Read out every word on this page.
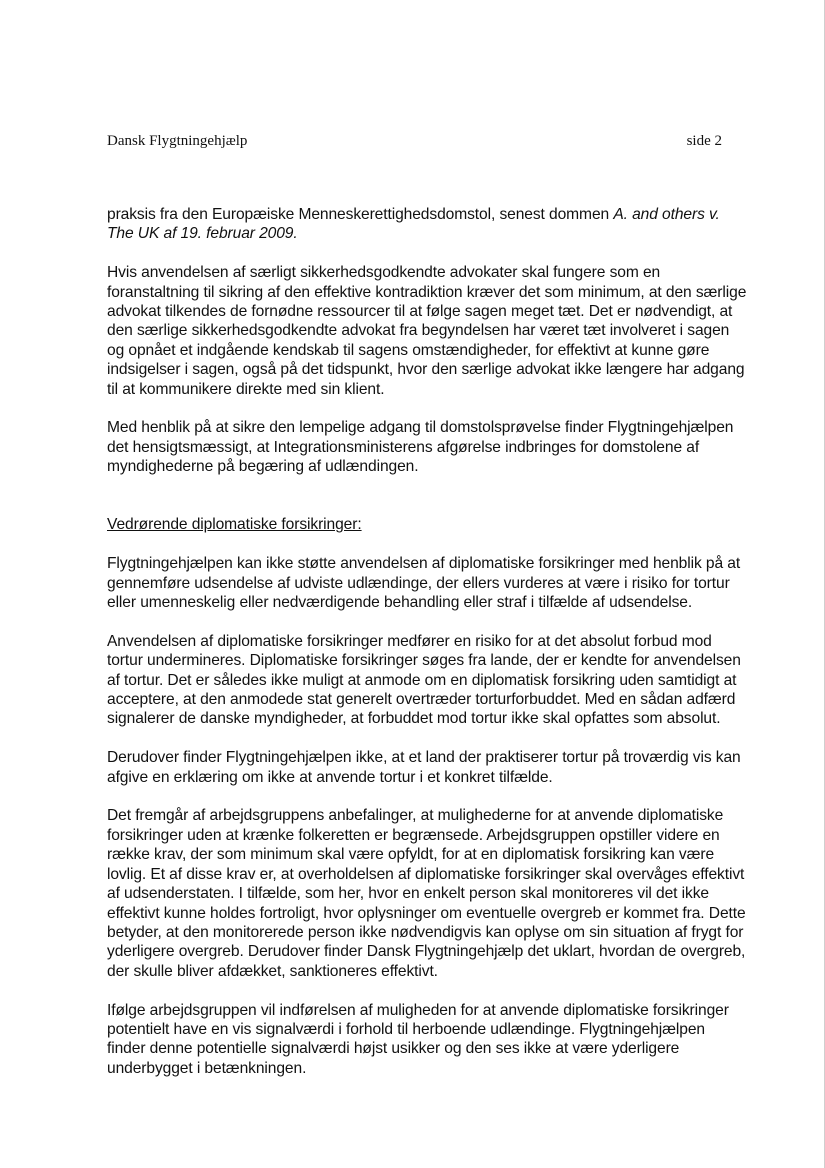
Dansk Flygtningehjælp	side 2

praksis fra den Europæiske Menneskerettighedsdomstol, senest dommen A. and others v. The UK af 19. februar 2009.

Hvis anvendelsen af særligt sikkerhedsgodkendte advokater skal fungere som en foranstaltning til sikring af den effektive kontradiktion kræver det som minimum, at den særlige advokat tilkendes de fornødne ressourcer til at følge sagen meget tæt. Det er nødvendigt, at den særlige sikkerhedsgodkendte advokat fra begyndelsen har været tæt involveret i sagen og opnået et indgående kendskab til sagens omstændigheder, for effektivt at kunne gøre indsigelser i sagen, også på det tidspunkt, hvor den særlige advokat ikke længere har adgang til at kommunikere direkte med sin klient.

Med henblik på at sikre den lempelige adgang til domstolsprøvelse finder Flygtningehjælpen det hensigtsmæssigt, at Integrationsministerens afgørelse indbringes for domstolene af myndighederne på begæring af udlændingen.

Vedrørende diplomatiske forsikringer:

Flygtningehjælpen kan ikke støtte anvendelsen af diplomatiske forsikringer med henblik på at gennemføre udsendelse af udviste udlændinge, der ellers vurderes at være i risiko for tortur eller umenneskelig eller nedværdigende behandling eller straf i tilfælde af udsendelse.

Anvendelsen af diplomatiske forsikringer medfører en risiko for at det absolut forbud mod tortur undermineres. Diplomatiske forsikringer søges fra lande, der er kendte for anvendelsen af tortur. Det er således ikke muligt at anmode om en diplomatisk forsikring uden samtidigt at acceptere, at den anmodede stat generelt overtræder torturforbuddet. Med en sådan adfærd signalerer de danske myndigheder, at forbuddet mod tortur ikke skal opfattes som absolut.

Derudover finder Flygtningehjælpen ikke, at et land der praktiserer tortur på troværdig vis kan afgive en erklæring om ikke at anvende tortur i et konkret tilfælde.

Det fremgår af arbejdsgruppens anbefalinger, at mulighederne for at anvende diplomatiske forsikringer uden at krænke folkeretten er begrænsede. Arbejdsgruppen opstiller videre en række krav, der som minimum skal være opfyldt, for at en diplomatisk forsikring kan være lovlig. Et af disse krav er, at overholdelsen af diplomatiske forsikringer skal overvåges effektivt af udsenderstaten. I tilfælde, som her, hvor en enkelt person skal monitoreres vil det ikke effektivt kunne holdes fortroligt, hvor oplysninger om eventuelle overgreb er kommet fra. Dette betyder, at den monitorerede person ikke nødvendigvis kan oplyse om sin situation af frygt for yderligere overgreb. Derudover finder Dansk Flygtningehjælp det uklart, hvordan de overgreb, der skulle bliver afdækket, sanktioneres effektivt.

Ifølge arbejdsgruppen vil indførelsen af muligheden for at anvende diplomatiske forsikringer potentielt have en vis signalværdi i forhold til herboende udlændinge. Flygtningehjælpen finder denne potentielle signalværdi højst usikker og den ses ikke at være yderligere underbygget i betænkningen.
